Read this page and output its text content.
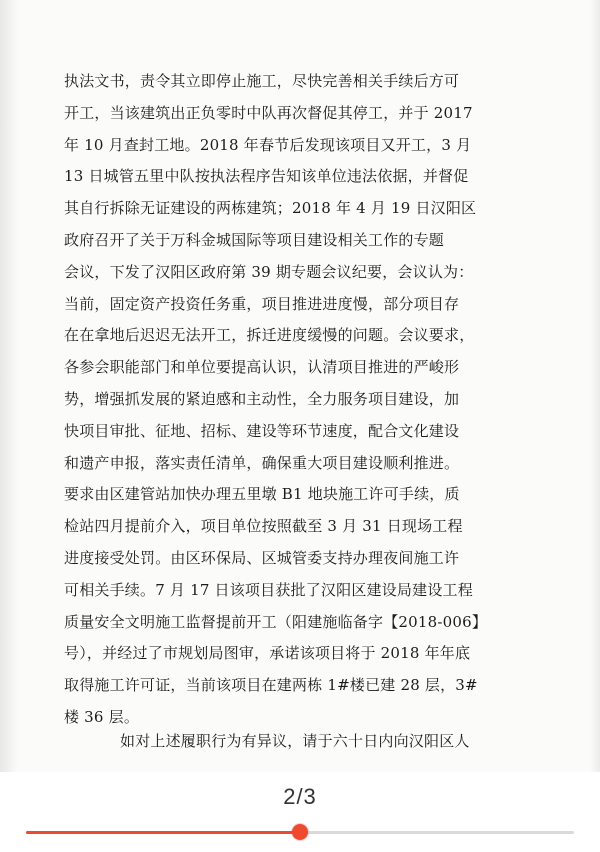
执法文书，责令其立即停止施工，尽快完善相关手续后方可
开工，当该建筑出正负零时中队再次督促其停工，并于 2017
年 10 月查封工地。2018 年春节后发现该项目又开工，3 月
13 日城管五里中队按执法程序告知该单位违法依据，并督促
其自行拆除无证建设的两栋建筑；2018 年 4 月 19 日汉阳区
政府召开了关于万科金城国际等项目建设相关工作的专题
会议，下发了汉阳区政府第 39 期专题会议纪要，会议认为：
当前，固定资产投资任务重，项目推进进度慢，部分项目存
在在拿地后迟迟无法开工，拆迁进度缓慢的问题。会议要求，
各参会职能部门和单位要提高认识，认清项目推进的严峻形
势，增强抓发展的紧迫感和主动性，全力服务项目建设，加
快项目审批、征地、招标、建设等环节速度，配合文化建设
和遗产申报，落实责任清单，确保重大项目建设顺利推进。
要求由区建管站加快办理五里墩 B1 地块施工许可手续，质
检站四月提前介入，项目单位按照截至 3 月 31 日现场工程
进度接受处罚。由区环保局、区城管委支持办理夜间施工许
可相关手续。7 月 17 日该项目获批了汉阳区建设局建设工程
质量安全文明施工监督提前开工（阳建施临备字【2018-006】
号），并经过了市规划局图审，承诺该项目将于 2018 年年底
取得施工许可证，当前该项目在建两栋 1#楼已建 28 层，3#
楼 36 层。
如对上述履职行为有异议，请于六十日内向汉阳区人
2/3
